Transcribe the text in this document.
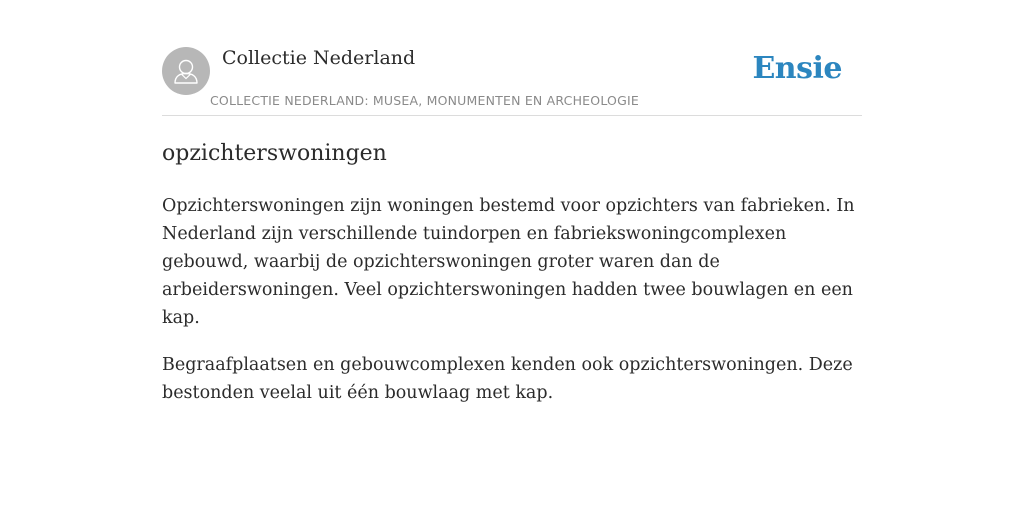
Collectie Nederland
COLLECTIE NEDERLAND: MUSEA, MONUMENTEN EN ARCHEOLOGIE
Ensie
opzichterswoningen

Opzichterswoningen zijn woningen bestemd voor opzichters van fabrieken. In Nederland zijn verschillende tuindorpen en fabriekswoningcomplexen gebouwd, waarbij de opzichterswoningen groter waren dan de arbeiderswoningen. Veel opzichterswoningen hadden twee bouwlagen en een kap.

Begraafplaatsen en gebouwcomplexen kenden ook opzichterswoningen. Deze bestonden veelal uit één bouwlaag met kap.
